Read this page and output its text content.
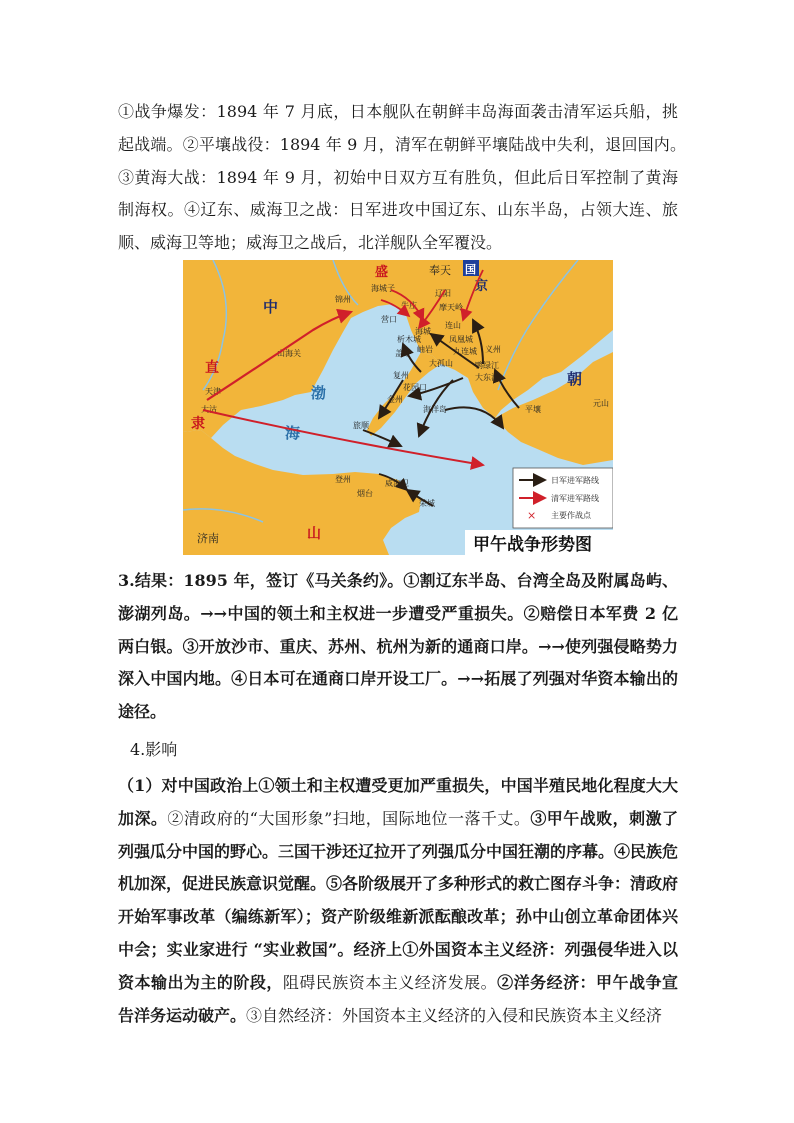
①战争爆发：1894 年 7 月底，日本舰队在朝鲜丰岛海面袭击清军运兵船，挑起战端。②平壤战役：1894 年 9 月，清军在朝鲜平壤陆战中失利，退回国内。　③黄海大战：1894 年 9 月，初始中日双方互有胜负，但此后日军控制了黄海制海权。④辽东、威海卫之战：日军进攻中国辽东、山东半岛，占领大连、旅顺、威海卫等地；威海卫之战后，北洋舰队全军覆没。

中
直
隶
济南	山
渤
海
盛
京
国
奉天
朝
锦州
海城子
牛庄
辽阳
摩天岭
山海关
营口
海城
连山
凤凰城
析木城
义州
盖平 岫岩	九连城
大孤山	鸭绿江
复州
花园口
大东沟
金州
旅顺
海洋岛
天津
大沽	平壤
元山
威海卫
登州
烟台
荣城
日军进军路线
清军进军路线
× 主要作战点
甲午战争形势图

3.结果：1895 年，签订《马关条约》。①割辽东半岛、台湾全岛及附属岛屿、澎湖列岛。→→中国的领土和主权进一步遭受严重损失。②赔偿日本军费 2 亿两白银。③开放沙市、重庆、苏州、杭州为新的通商口岸。→→使列强侵略势力深入中国内地。④日本可在通商口岸开设工厂。→→拓展了列强对华资本输出的途径。

4.影响

（1）对中国政治上①领土和主权遭受更加严重损失，中国半殖民地化程度大大加深。②清政府的“大国形象”扫地，国际地位一落千丈。③甲午战败，刺激了列强瓜分中国的野心。三国干涉还辽拉开了列强瓜分中国狂潮的序幕。④民族危机加深，促进民族意识觉醒。⑤各阶级展开了多种形式的救亡图存斗争：清政府开始军事改革（编练新军）；资产阶级维新派酝酿改革；孙中山创立革命团体兴中会；实业家进行 “实业救国”。经济上①外国资本主义经济：列强侵华进入以资本输出为主的阶段，阻碍民族资本主义经济发展。②洋务经济：甲午战争宣告洋务运动破产。③自然经济：外国资本主义经济的入侵和民族资本主义经济
